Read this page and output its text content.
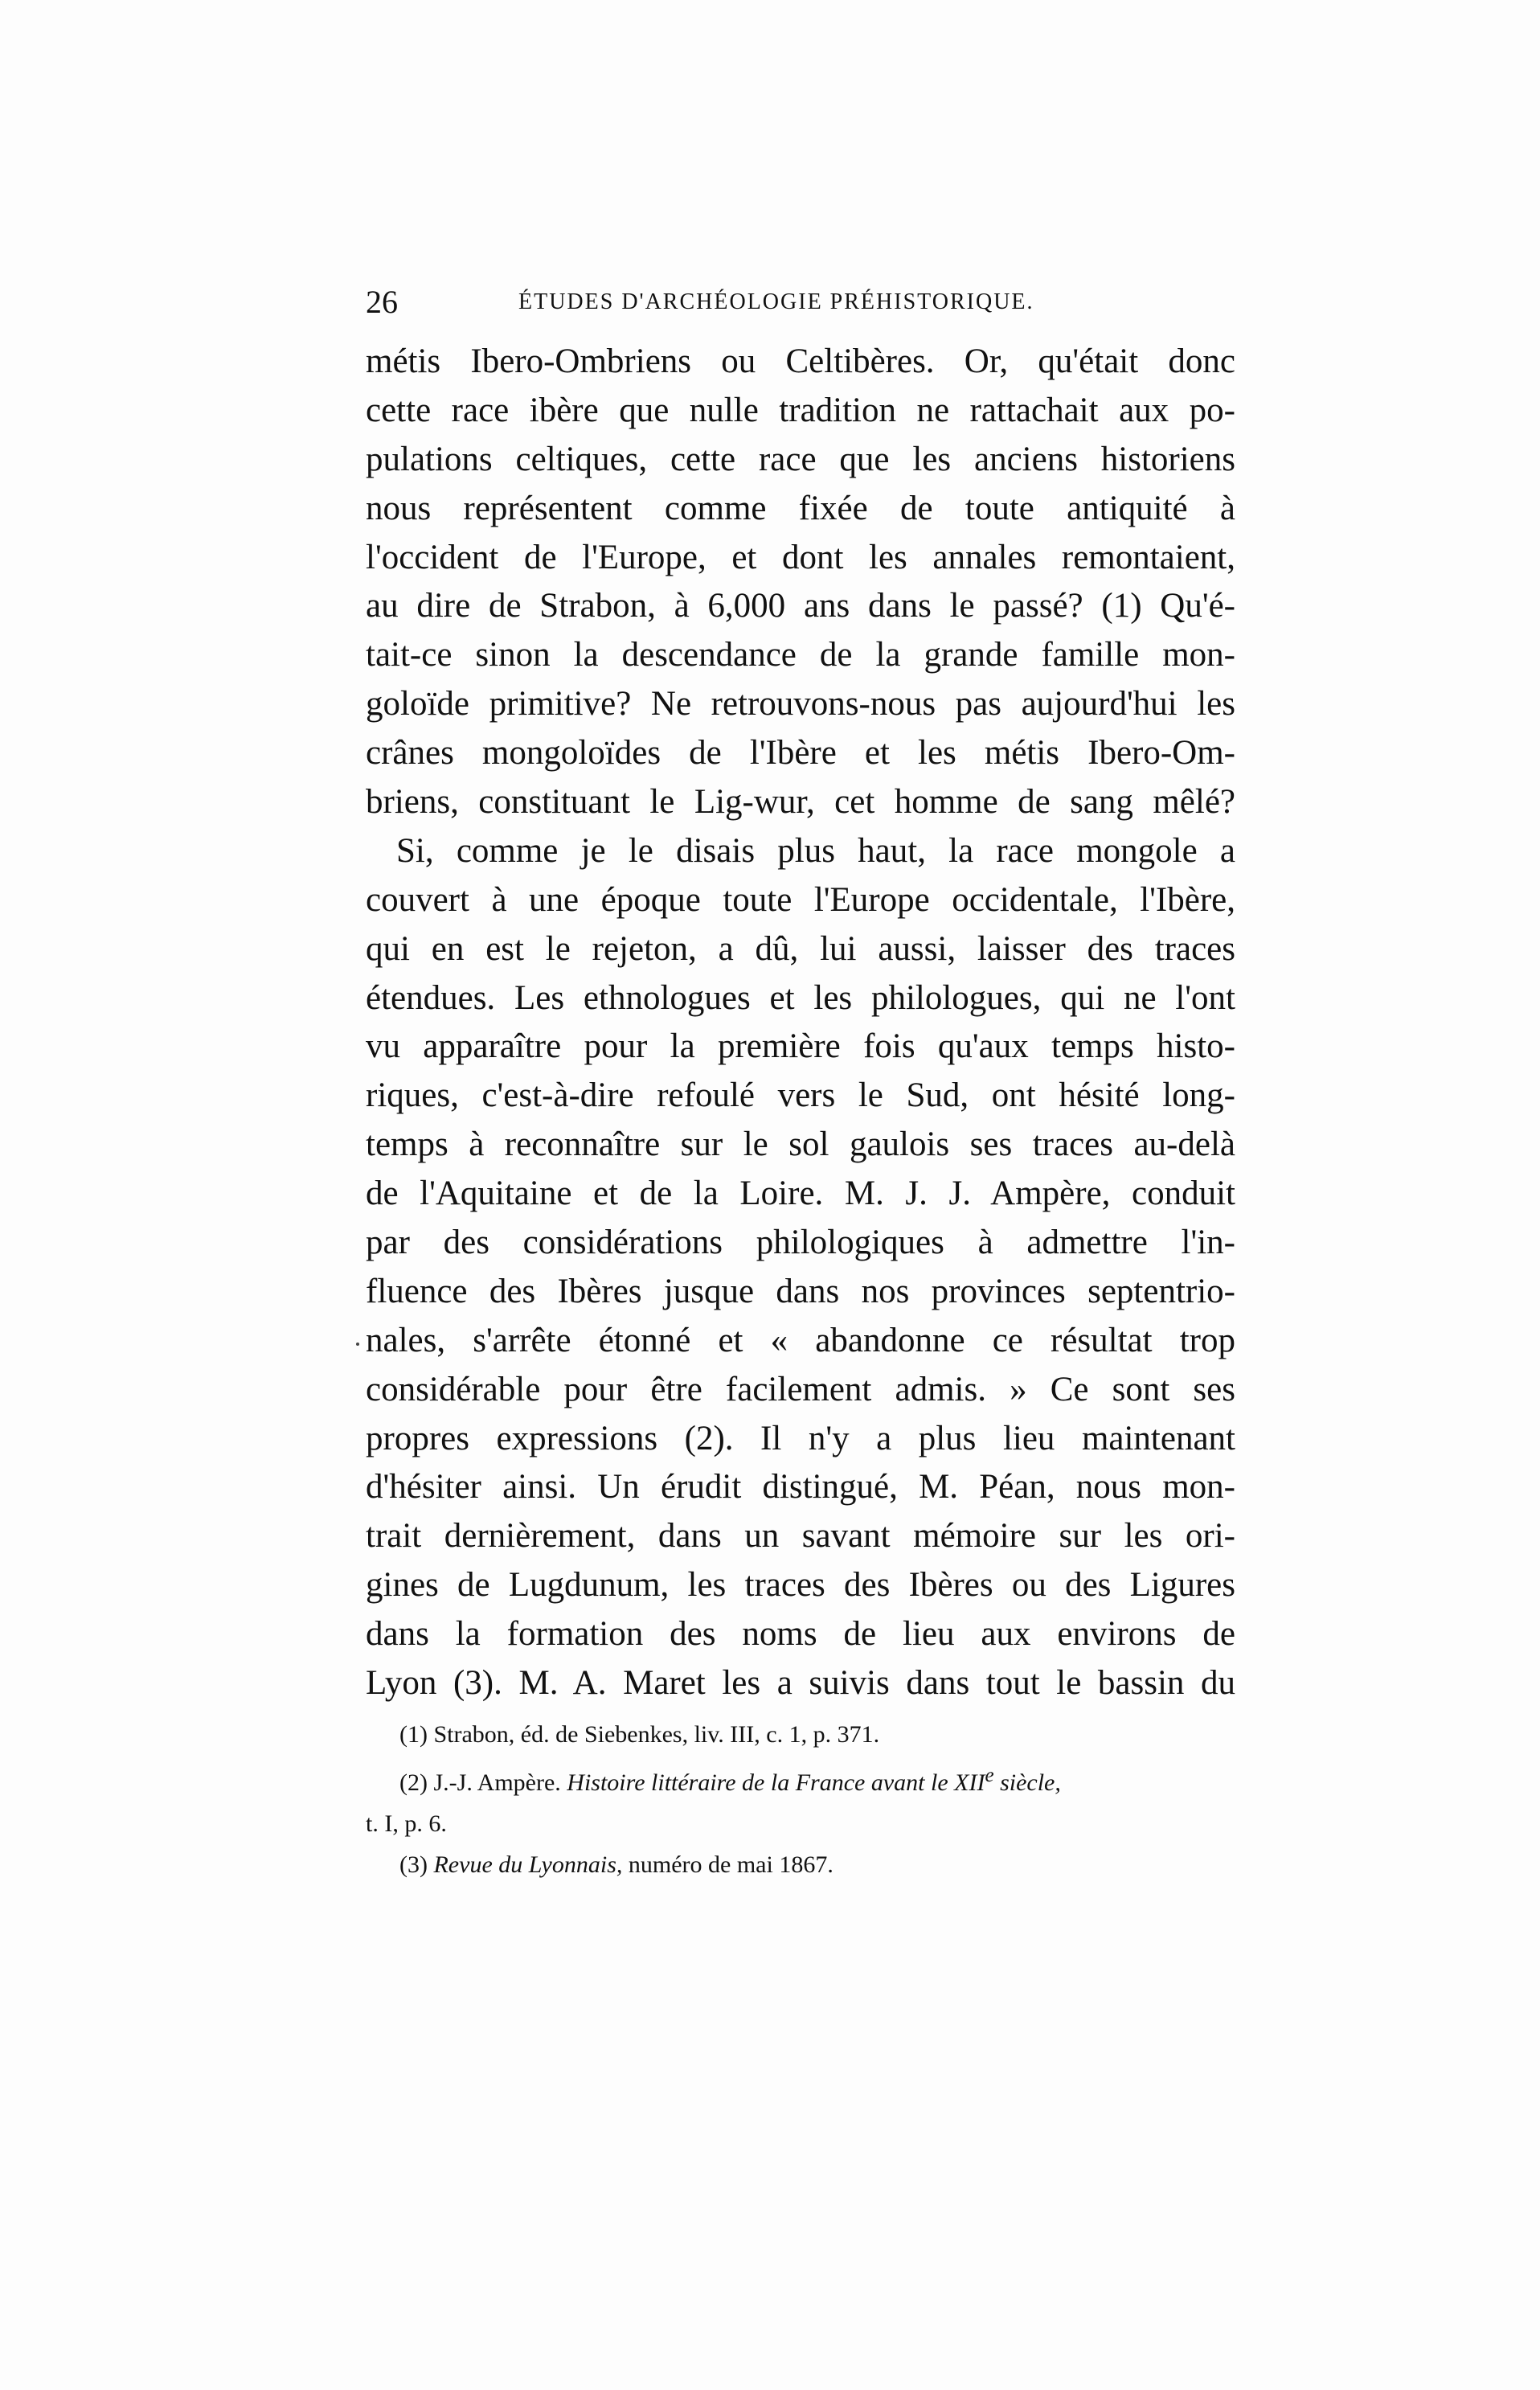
26	ÉTUDES D'ARCHÉOLOGIE PRÉHISTORIQUE.
métis Ibero-Ombriens ou Celtibères. Or, qu'était donc
cette race ibère que nulle tradition ne rattachait aux po-
pulations celtiques, cette race que les anciens historiens
nous représentent comme fixée de toute antiquité à
l'occident de l'Europe, et dont les annales remontaient,
au dire de Strabon, à 6,000 ans dans le passé? (1) Qu'é-
tait-ce sinon la descendance de la grande famille mon-
goloïde primitive? Ne retrouvons-nous pas aujourd'hui les
crânes mongoloïdes de l'Ibère et les métis Ibero-Om-
briens, constituant le Lig-wur, cet homme de sang mêlé?
Si, comme je le disais plus haut, la race mongole a
couvert à une époque toute l'Europe occidentale, l'Ibère,
qui en est le rejeton, a dû, lui aussi, laisser des traces
étendues. Les ethnologues et les philologues, qui ne l'ont
vu apparaître pour la première fois qu'aux temps histo-
riques, c'est-à-dire refoulé vers le Sud, ont hésité long-
temps à reconnaître sur le sol gaulois ses traces au-delà
de l'Aquitaine et de la Loire. M. J. J. Ampère, conduit
par des considérations philologiques à admettre l'in-
fluence des Ibères jusque dans nos provinces septentrio-
nales, s'arrête étonné et « abandonne ce résultat trop
considérable pour être facilement admis. » Ce sont ses
propres expressions (2). Il n'y a plus lieu maintenant
d'hésiter ainsi. Un érudit distingué, M. Péan, nous mon-
trait dernièrement, dans un savant mémoire sur les ori-
gines de Lugdunum, les traces des Ibères ou des Ligures
dans la formation des noms de lieu aux environs de
Lyon (3). M. A. Maret les a suivis dans tout le bassin du
(1) Strabon, éd. de Siebenkes, liv. III, c. 1, p. 371.
(2) J.-J. Ampère. Histoire littéraire de la France avant le XIIe siècle,
t. I, p. 6.
(3) Revue du Lyonnais, numéro de mai 1867.
